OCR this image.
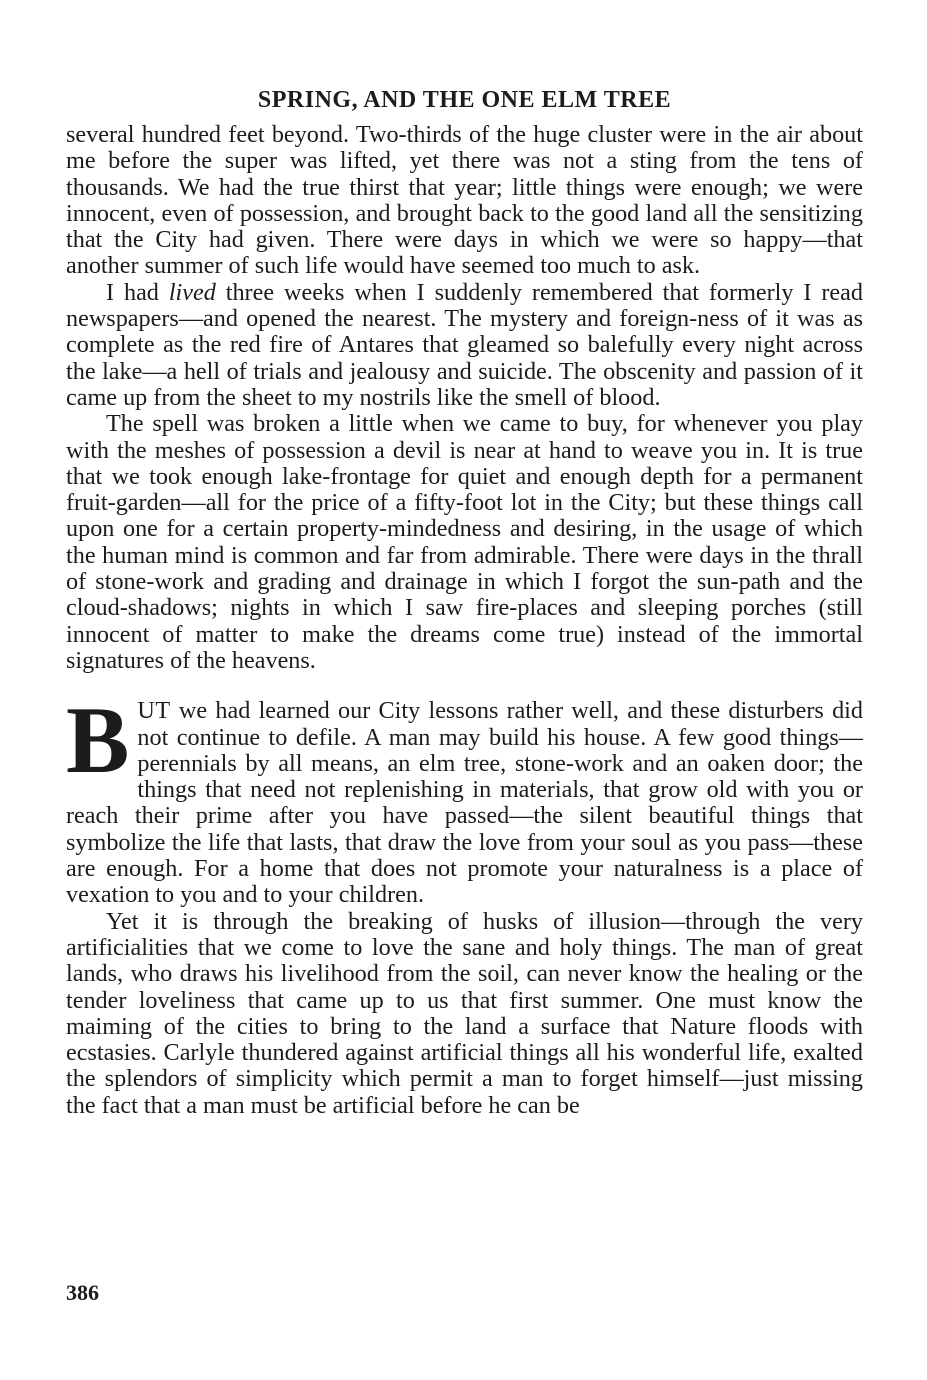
SPRING, AND THE ONE ELM TREE

several hundred feet beyond. Two-thirds of the huge cluster were in the air about me before the super was lifted, yet there was not a sting from the tens of thousands. We had the true thirst that year; little things were enough; we were innocent, even of possession, and brought back to the good land all the sensitizing that the City had given. There were days in which we were so happy—that another summer of such life would have seemed too much to ask.

I had lived three weeks when I suddenly remembered that formerly I read newspapers—and opened the nearest. The mystery and foreign-ness of it was as complete as the red fire of Antares that gleamed so balefully every night across the lake—a hell of trials and jealousy and suicide. The obscenity and passion of it came up from the sheet to my nostrils like the smell of blood.

The spell was broken a little when we came to buy, for whenever you play with the meshes of possession a devil is near at hand to weave you in. It is true that we took enough lake-frontage for quiet and enough depth for a permanent fruit-garden—all for the price of a fifty-foot lot in the City; but these things call upon one for a certain property-mindedness and desiring, in the usage of which the human mind is common and far from admirable. There were days in the thrall of stone-work and grading and drainage in which I forgot the sun-path and the cloud-shadows; nights in which I saw fire-places and sleeping porches (still innocent of matter to make the dreams come true) instead of the immortal signatures of the heavens.

BUT we had learned our City lessons rather well, and these disturbers did not continue to defile. A man may build his house. A few good things—perennials by all means, an elm tree, stone-work and an oaken door; the things that need not replenishing in materials, that grow old with you or reach their prime after you have passed—the silent beautiful things that symbolize the life that lasts, that draw the love from your soul as you pass—these are enough. For a home that does not promote your naturalness is a place of vexation to you and to your children.

Yet it is through the breaking of husks of illusion—through the very artificialities that we come to love the sane and holy things. The man of great lands, who draws his livelihood from the soil, can never know the healing or the tender loveliness that came up to us that first summer. One must know the maiming of the cities to bring to the land a surface that Nature floods with ecstasies. Carlyle thundered against artificial things all his wonderful life, exalted the splendors of simplicity which permit a man to forget himself—just missing the fact that a man must be artificial before he can be

386
